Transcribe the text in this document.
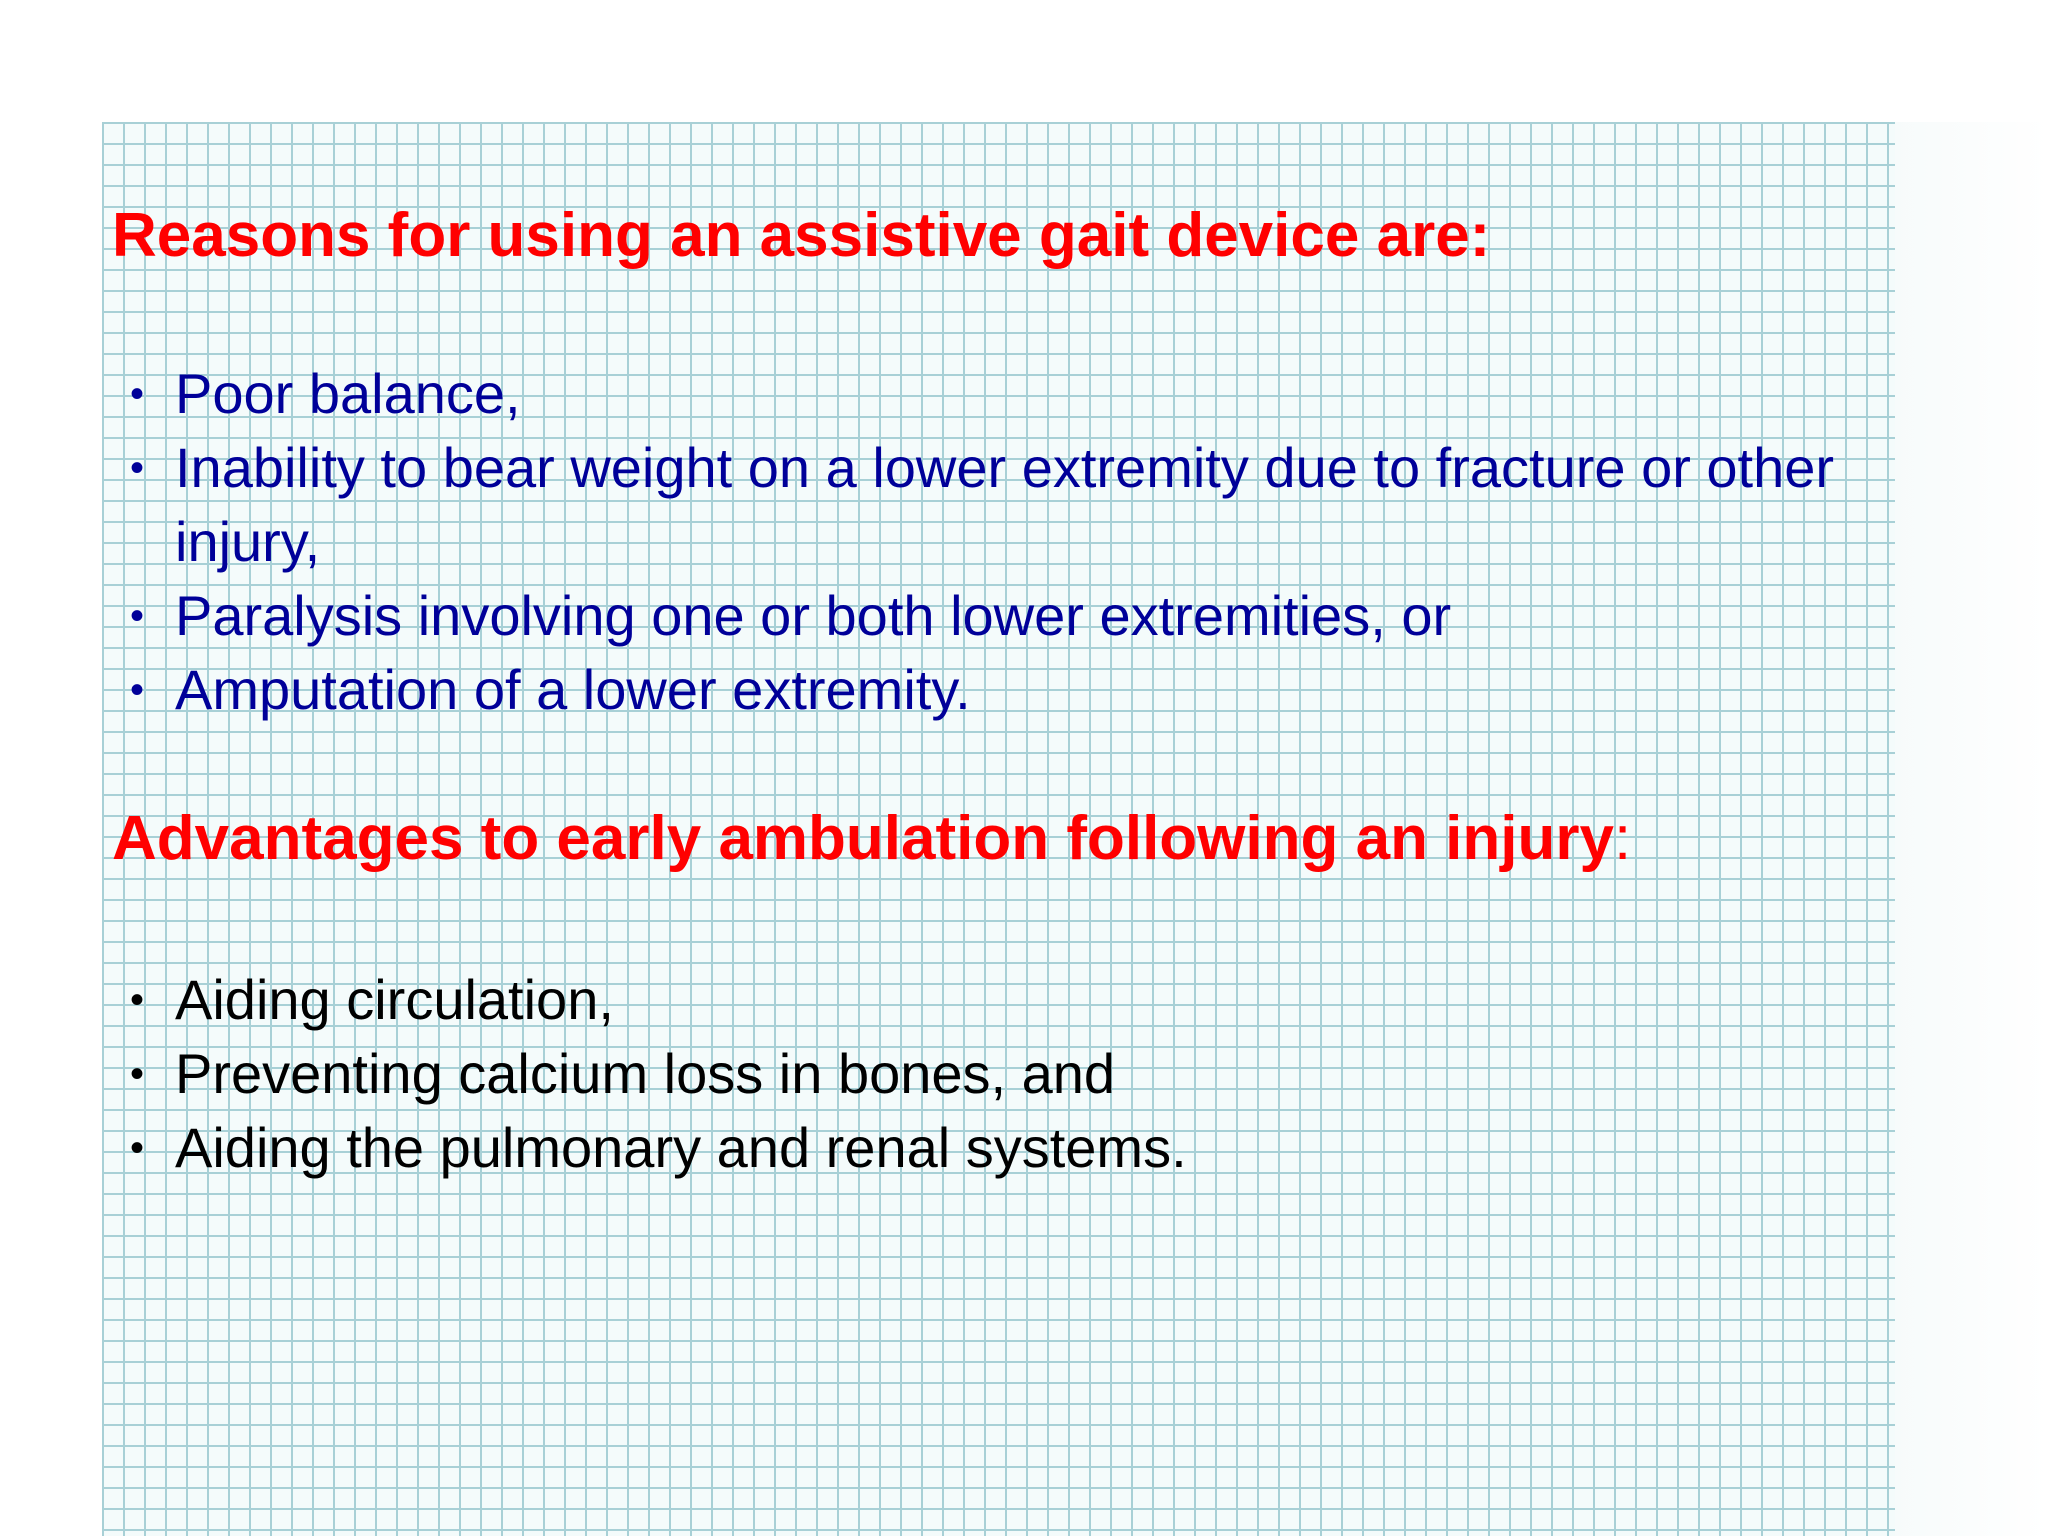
Reasons for using an assistive gait device are:
• Poor balance,
• Inability to bear weight on a lower extremity due to fracture or other injury,
• Paralysis involving one or both lower extremities, or
• Amputation of a lower extremity.
Advantages to early ambulation following an injury:
• Aiding circulation,
• Preventing calcium loss in bones, and
• Aiding the pulmonary and renal systems.
